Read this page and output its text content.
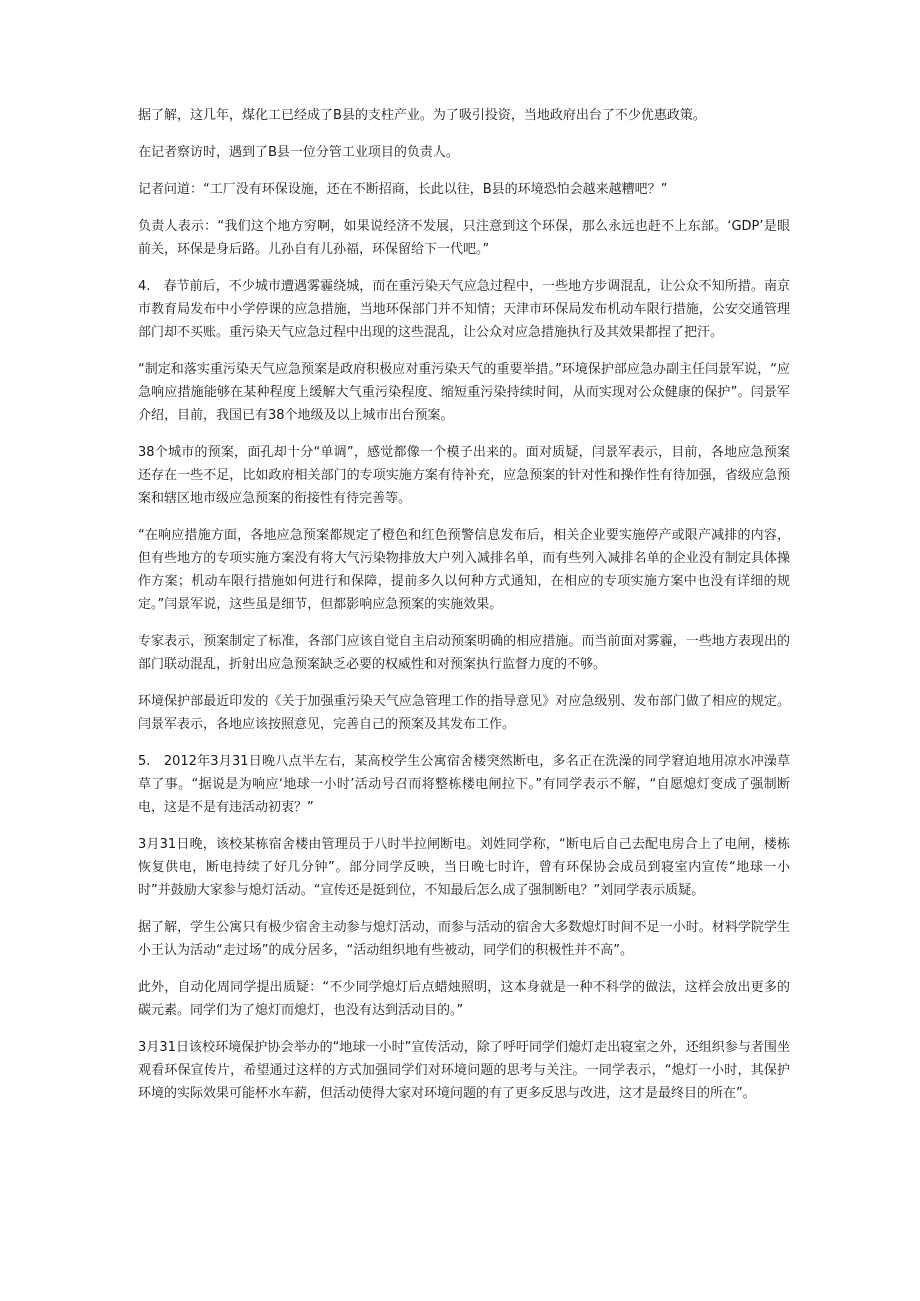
据了解，这几年，煤化工已经成了B县的支柱产业。为了吸引投资，当地政府出台了不少优惠政策。

在记者察访时，遇到了B县一位分管工业项目的负责人。

记者问道：“工厂没有环保设施，还在不断招商，长此以往，B县的环境恐怕会越来越糟吧？”

负责人表示：“我们这个地方穷啊，如果说经济不发展，只注意到这个环保，那么永远也赶不上东部。‘GDP’是眼前关，环保是身后路。儿孙自有儿孙福，环保留给下一代吧。”

4.　春节前后，不少城市遭遇雾霾绕城，而在重污染天气应急过程中，一些地方步调混乱，让公众不知所措。南京市教育局发布中小学停课的应急措施，当地环保部门并不知情；天津市环保局发布机动车限行措施，公安交通管理部门却不买账。重污染天气应急过程中出现的这些混乱，让公众对应急措施执行及其效果都捏了把汗。

“制定和落实重污染天气应急预案是政府积极应对重污染天气的重要举措。”环境保护部应急办副主任闫景军说，“应急响应措施能够在某种程度上缓解大气重污染程度、缩短重污染持续时间，从而实现对公众健康的保护”。闫景军介绍，目前，我国已有38个地级及以上城市出台预案。

38个城市的预案，面孔却十分“单调”，感觉都像一个模子出来的。面对质疑，闫景军表示，目前，各地应急预案还存在一些不足，比如政府相关部门的专项实施方案有待补充，应急预案的针对性和操作性有待加强，省级应急预案和辖区地市级应急预案的衔接性有待完善等。

“在响应措施方面，各地应急预案都规定了橙色和红色预警信息发布后，相关企业要实施停产或限产减排的内容，但有些地方的专项实施方案没有将大气污染物排放大户列入减排名单，而有些列入减排名单的企业没有制定具体操作方案；机动车限行措施如何进行和保障，提前多久以何种方式通知，在相应的专项实施方案中也没有详细的规定。”闫景军说，这些虽是细节，但都影响应急预案的实施效果。

专家表示，预案制定了标准，各部门应该自觉自主启动预案明确的相应措施。而当前面对雾霾，一些地方表现出的部门联动混乱，折射出应急预案缺乏必要的权威性和对预案执行监督力度的不够。

环境保护部最近印发的《关于加强重污染天气应急管理工作的指导意见》对应急级别、发布部门做了相应的规定。闫景军表示，各地应该按照意见，完善自己的预案及其发布工作。

5.　2012年3月31日晚八点半左右，某高校学生公寓宿舍楼突然断电，多名正在洗澡的同学窘迫地用凉水冲澡草草了事。“据说是为响应‘地球一小时’活动号召而将整栋楼电闸拉下。”有同学表示不解，“自愿熄灯变成了强制断电，这是不是有违活动初衷？”

3月31日晚，该校某栋宿舍楼由管理员于八时半拉闸断电。刘姓同学称，“断电后自己去配电房合上了电闸，楼栋恢复供电，断电持续了好几分钟”。部分同学反映，当日晚七时许，曾有环保协会成员到寝室内宣传“地球一小时”并鼓励大家参与熄灯活动。“宣传还是挺到位，不知最后怎么成了强制断电？”刘同学表示质疑。

据了解，学生公寓只有极少宿舍主动参与熄灯活动，而参与活动的宿舍大多数熄灯时间不足一小时。材料学院学生小王认为活动“走过场”的成分居多，“活动组织地有些被动，同学们的积极性并不高”。

此外，自动化周同学提出质疑：“不少同学熄灯后点蜡烛照明，这本身就是一种不科学的做法，这样会放出更多的碳元素。同学们为了熄灯而熄灯，也没有达到活动目的。”

3月31日该校环境保护协会举办的“地球一小时”宣传活动，除了呼吁同学们熄灯走出寝室之外，还组织参与者围坐观看环保宣传片，希望通过这样的方式加强同学们对环境问题的思考与关注。一同学表示，“熄灯一小时，其保护环境的实际效果可能杯水车薪，但活动使得大家对环境问题的有了更多反思与改进，这才是最终目的所在”。
